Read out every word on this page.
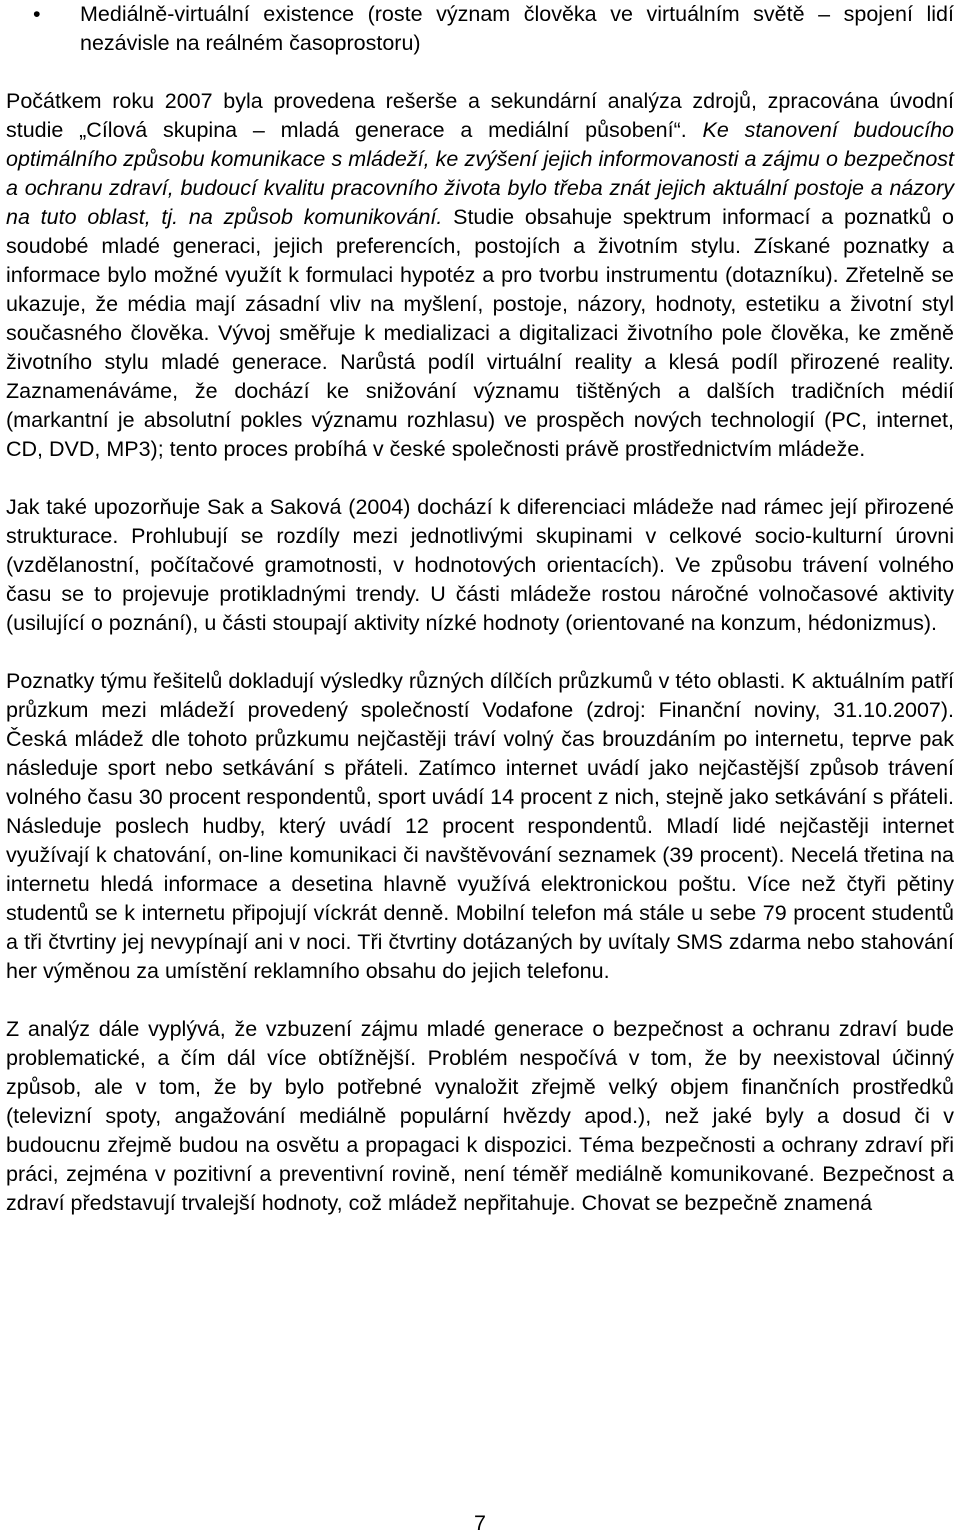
• Mediálně-virtuální existence (roste význam člověka ve virtuálním světě – spojení lidí nezávisle na reálném časoprostoru)

Počátkem roku 2007 byla provedena rešerše a sekundární analýza zdrojů, zpracována úvodní studie „Cílová skupina – mladá generace a mediální působení“. Ke stanovení budoucího optimálního způsobu komunikace s mládeží, ke zvýšení jejich informovanosti a zájmu o bezpečnost a ochranu zdraví, budoucí kvalitu pracovního života bylo třeba znát jejich aktuální postoje a názory na tuto oblast, tj. na způsob komunikování. Studie obsahuje spektrum informací a poznatků o soudobé mladé generaci, jejich preferencích, postojích a životním stylu. Získané poznatky a informace bylo možné využít k formulaci hypotéz a pro tvorbu instrumentu (dotazníku). Zřetelně se ukazuje, že média mají zásadní vliv na myšlení, postoje, názory, hodnoty, estetiku a životní styl současného člověka. Vývoj směřuje k medializaci a digitalizaci životního pole člověka, ke změně životního stylu mladé generace. Narůstá podíl virtuální reality a klesá podíl přirozené reality. Zaznamenáváme, že dochází ke snižování významu tištěných a dalších tradičních médií (markantní je absolutní pokles významu rozhlasu) ve prospěch nových technologií (PC, internet, CD, DVD, MP3); tento proces probíhá v české společnosti právě prostřednictvím mládeže.

Jak také upozorňuje Sak a Saková (2004) dochází k diferenciaci mládeže nad rámec její přirozené strukturace. Prohlubují se rozdíly mezi jednotlivými skupinami v celkové socio-kulturní úrovni (vzdělanostní, počítačové gramotnosti, v hodnotových orientacích). Ve způsobu trávení volného času se to projevuje protikladnými trendy. U části mládeže rostou náročné volnočasové aktivity (usilující o poznání), u části stoupají aktivity nízké hodnoty (orientované na konzum, hédonizmus).

Poznatky týmu řešitelů dokladují výsledky různých dílčích průzkumů v této oblasti. K aktuálním patří průzkum mezi mládeží provedený společností Vodafone (zdroj: Finanční noviny, 31.10.2007). Česká mládež dle tohoto průzkumu nejčastěji tráví volný čas brouzdáním po internetu, teprve pak následuje sport nebo setkávání s přáteli. Zatímco internet uvádí jako nejčastější způsob trávení volného času 30 procent respondentů, sport uvádí 14 procent z nich, stejně jako setkávání s přáteli. Následuje poslech hudby, který uvádí 12 procent respondentů. Mladí lidé nejčastěji internet využívají k chatování, on-line komunikaci či navštěvování seznamek (39 procent). Necelá třetina na internetu hledá informace a desetina hlavně využívá elektronickou poštu. Více než čtyři pětiny studentů se k internetu připojují víckrát denně. Mobilní telefon má stále u sebe 79 procent studentů a tři čtvrtiny jej nevypínají ani v noci. Tři čtvrtiny dotázaných by uvítaly SMS zdarma nebo stahování her výměnou za umístění reklamního obsahu do jejich telefonu.

Z analýz dále vyplývá, že vzbuzení zájmu mladé generace o bezpečnost a ochranu zdraví bude problematické, a čím dál více obtížnější. Problém nespočívá v tom, že by neexistoval účinný způsob, ale v tom, že by bylo potřebné vynaložit zřejmě velký objem finančních prostředků (televizní spoty, angažování mediálně populární hvězdy apod.), než jaké byly a dosud či v budoucnu zřejmě budou na osvětu a propagaci k dispozici. Téma bezpečnosti a ochrany zdraví při práci, zejména v pozitivní a preventivní rovině, není téměř mediálně komunikované. Bezpečnost a zdraví představují trvalejší hodnoty, což mládež nepřitahuje. Chovat se bezpečně znamená

7
